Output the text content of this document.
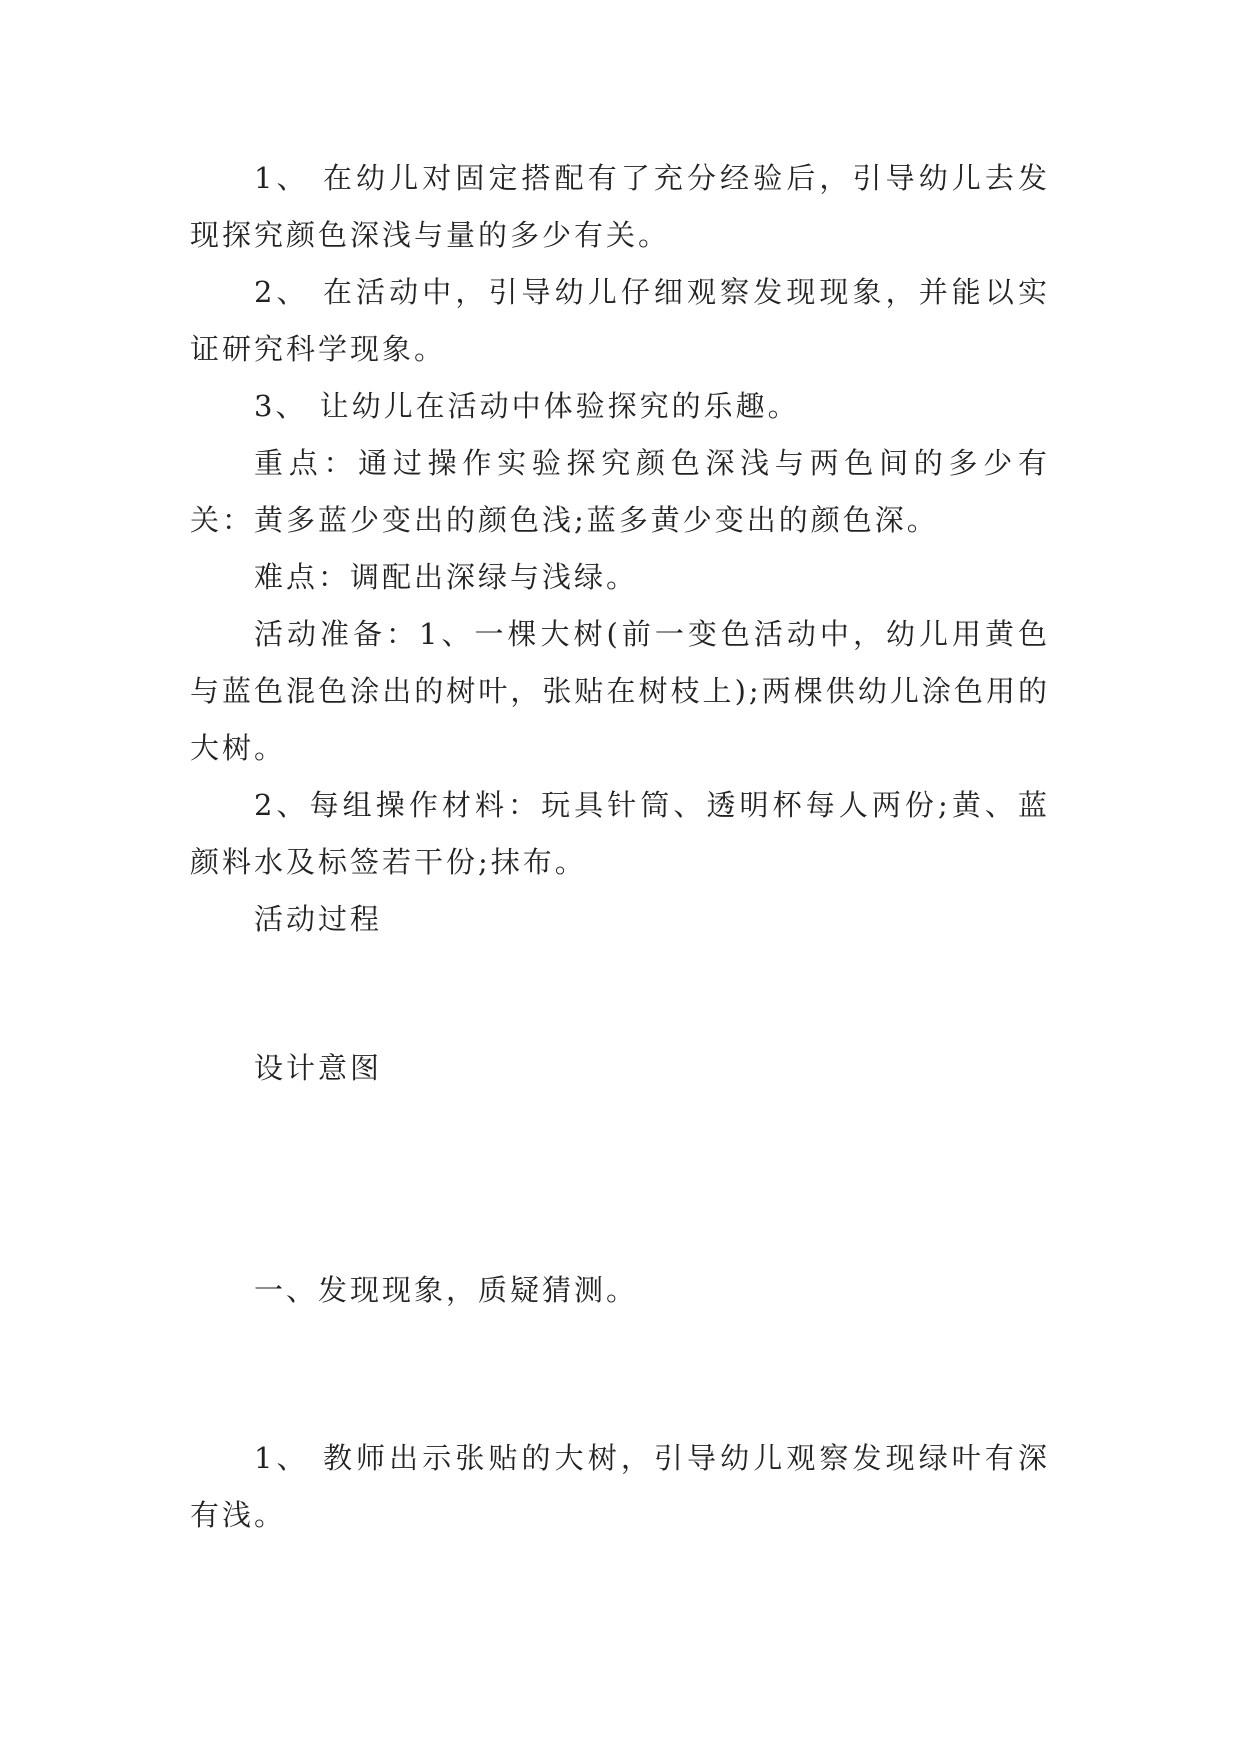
1、 在幼儿对固定搭配有了充分经验后，引导幼儿去发现探究颜色深浅与量的多少有关。

2、 在活动中，引导幼儿仔细观察发现现象，并能以实证研究科学现象。

3、 让幼儿在活动中体验探究的乐趣。

重点：通过操作实验探究颜色深浅与两色间的多少有关：黄多蓝少变出的颜色浅;蓝多黄少变出的颜色深。

难点：调配出深绿与浅绿。

活动准备：1、一棵大树(前一变色活动中，幼儿用黄色与蓝色混色涂出的树叶，张贴在树枝上);两棵供幼儿涂色用的大树。

2、每组操作材料：玩具针筒、透明杯每人两份;黄、蓝颜料水及标签若干份;抹布。

活动过程

设计意图

一、发现现象，质疑猜测。

1、 教师出示张贴的大树，引导幼儿观察发现绿叶有深有浅。
